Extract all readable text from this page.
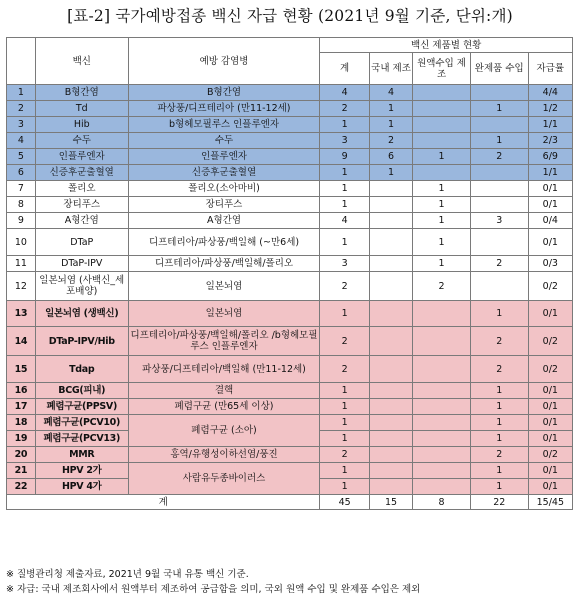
[표-2] 국가예방접종 백신 자급 현황 (2021년 9월 기준, 단위:개)
	백신	예방 감염병	백신 제품별 현황				
			계	국내 제조	원액수입 제조	완제품 수입	자급률
1	B형간염	B형간염	4	4			4/4
2	Td	파상풍/디프테리아 (만11-12세)	2	1		1	1/2
3	Hib	b형헤모필루스 인플루엔자	1	1			1/1
4	수두	수두	3	2		1	2/3
5	인플루엔자	인플루엔자	9	6	1	2	6/9
6	신증후군출혈열	신증후군출혈열	1	1			1/1
7	폴리오	폴리오(소아마비)	1		1		0/1
8	장티푸스	장티푸스	1		1		0/1
9	A형간염	A형간염	4		1	3	0/4
10	DTaP	디프테리아/파상풍/백일해 (~만6세)	1		1		0/1
11	DTaP-IPV	디프테리아/파상풍/백일해/폴리오	3		1	2	0/3
12	일본뇌염 (사백신_세포배양)	일본뇌염	2		2		0/2
13	일본뇌염 (생백신)	일본뇌염	1			1	0/1
14	DTaP-IPV/Hib	디프테리아/파상풍/백일해/폴리오 /b형헤모필루스 인플루엔자	2			2	0/2
15	Tdap	파상풍/디프테리아/백일해 (만11-12세)	2			2	0/2
16	BCG(피내)	결핵	1			1	0/1
17	폐렴구균(PPSV)	폐렴구균 (만65세 이상)	1			1	0/1
18	폐렴구균(PCV10)	폐렴구균 (소아)	1			1	0/1
19	폐렴구균(PCV13)		1			1	0/1
20	MMR	홍역/유행성이하선염/풍진	2			2	0/2
21	HPV 2가	사람유두종바이러스	1			1	0/1
22	HPV 4가		1			1	0/1
계			45	15	8	22	15/45
※ 질병관리청 제출자료, 2021년 9월 국내 유통 백신 기준.
※ 자급: 국내 제조회사에서 원액부터 제조하여 공급함을 의미, 국외 원액 수입 및 완제품 수입은 제외
